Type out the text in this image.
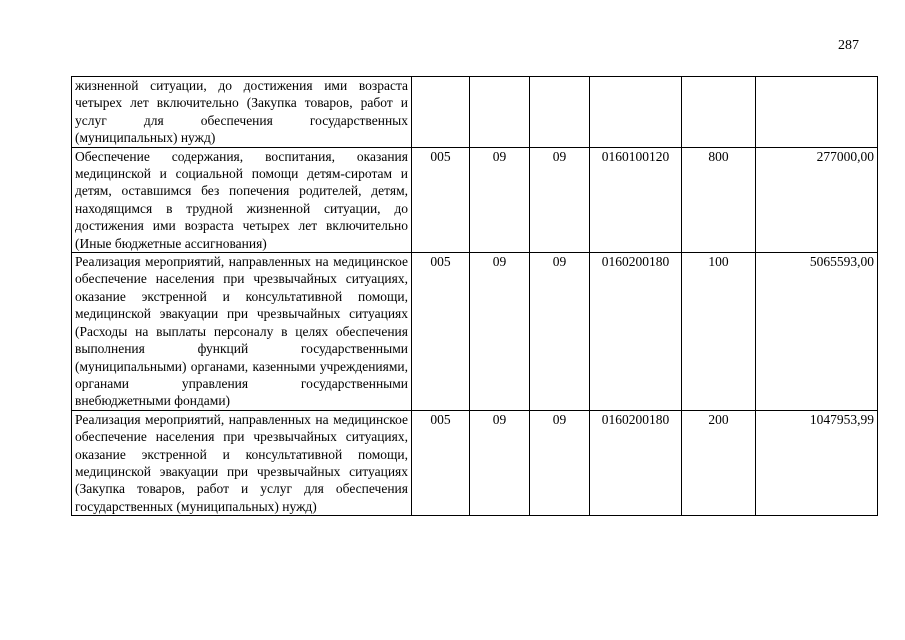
287
жизненной ситуации, до достижения ими возраста четырех лет включительно (Закупка товаров, работ и услуг для обеспечения государственных (муниципальных) нужд)						
Обеспечение содержания, воспитания, оказания медицинской и социальной помощи детям-сиротам и детям, оставшимся без попечения родителей, детям, находящимся в трудной жизненной ситуации, до достижения ими возраста четырех лет включительно (Иные бюджетные ассигнования)	005	09	09	0160100120	800	277000,00
Реализация мероприятий, направленных на медицинское обеспечение населения при чрезвычайных ситуациях, оказание экстренной и консультативной помощи, медицинской эвакуации при чрезвычайных ситуациях (Расходы на выплаты персоналу в целях обеспечения выполнения функций государственными (муниципальными) органами, казенными учреждениями, органами управления государственными внебюджетными фондами)	005	09	09	0160200180	100	5065593,00
Реализация мероприятий, направленных на медицинское обеспечение населения при чрезвычайных ситуациях, оказание экстренной и консультативной помощи, медицинской эвакуации при чрезвычайных ситуациях (Закупка товаров, работ и услуг для обеспечения государственных (муниципальных) нужд)	005	09	09	0160200180	200	1047953,99
